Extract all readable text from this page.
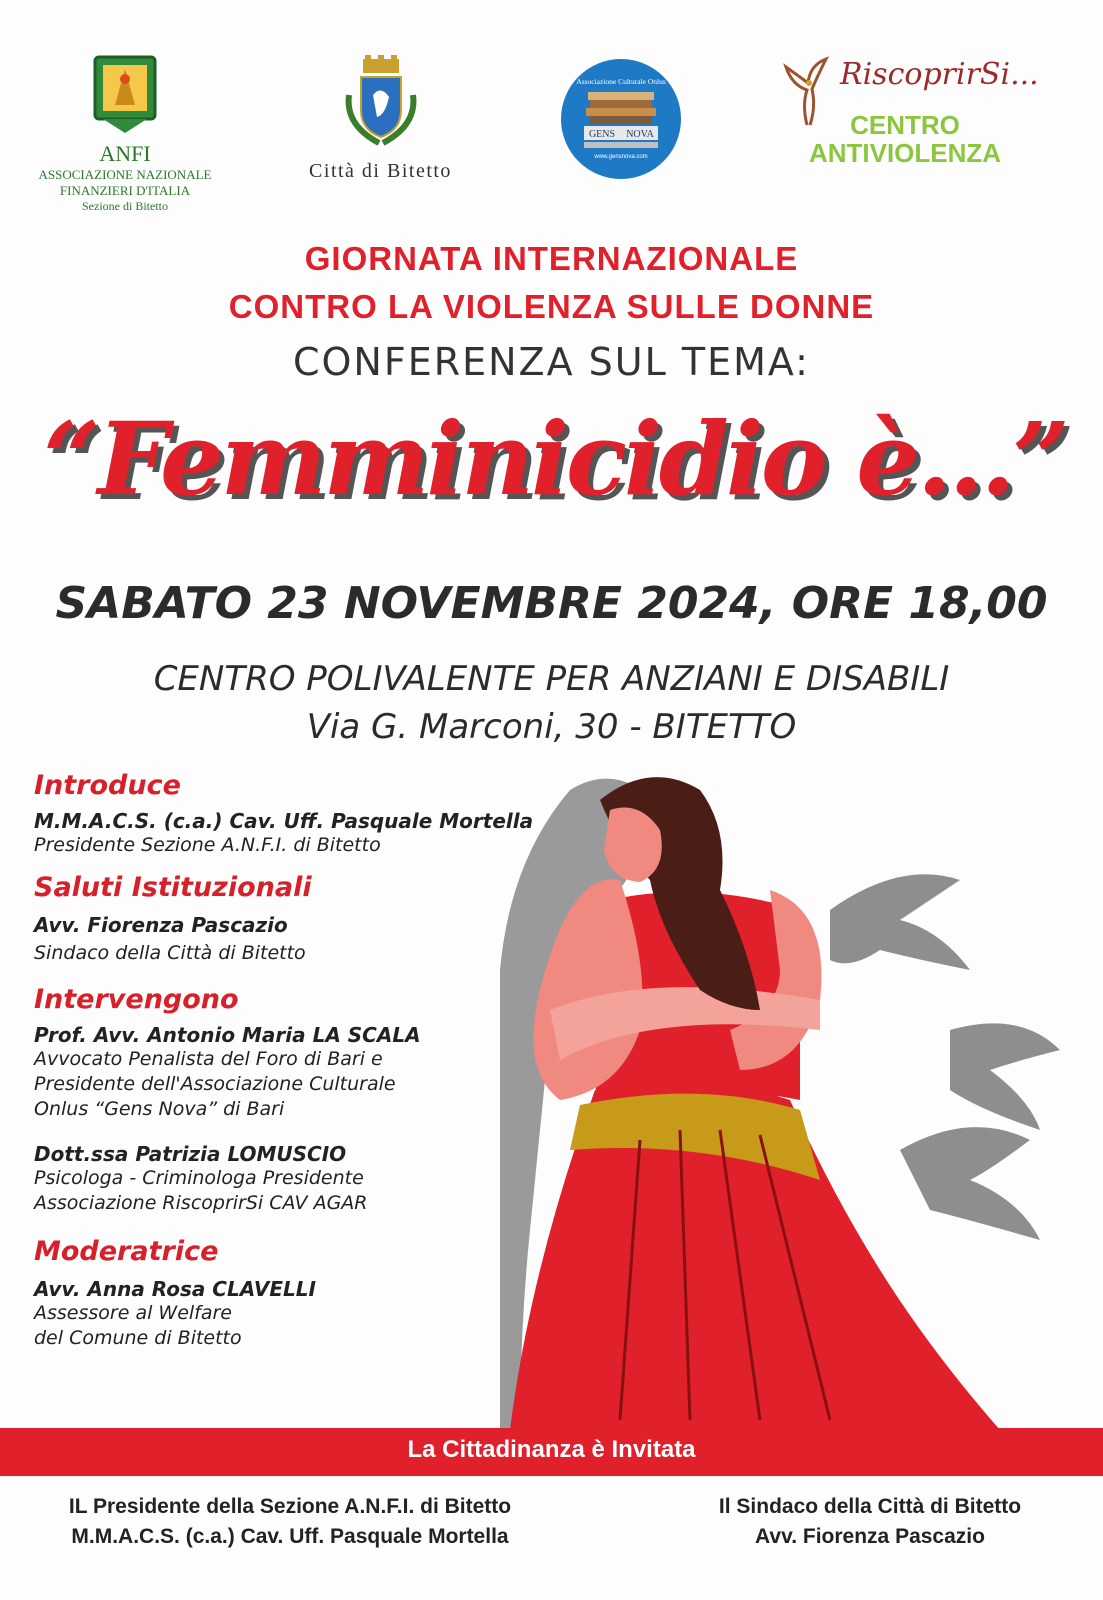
ANFI
ASSOCIAZIONE NAZIONALE
FINANZIERI D'ITALIA
Sezione di Bitetto
Città di Bitetto
Associazione Culturale Onlus
GENS NOVA
www.gensnova.com
RiscoprirSi...
CENTRO
ANTIVIOLENZA
GIORNATA INTERNAZIONALE
CONTRO LA VIOLENZA SULLE DONNE
CONFERENZA SUL TEMA:
“Femminicidio è...”
SABATO 23 NOVEMBRE 2024, ORE 18,00
CENTRO POLIVALENTE PER ANZIANI E DISABILI
Via G. Marconi, 30 - BITETTO
Introduce
M.M.A.C.S. (c.a.) Cav. Uff. Pasquale Mortella
Presidente Sezione A.N.F.I. di Bitetto
Saluti Istituzionali
Avv. Fiorenza Pascazio
Sindaco della Città di Bitetto
Intervengono
Prof. Avv. Antonio Maria LA SCALA
Avvocato Penalista del Foro di Bari e
Presidente dell'Associazione Culturale
Onlus “Gens Nova” di Bari
Dott.ssa Patrizia LOMUSCIO
Psicologa - Criminologa Presidente
Associazione RiscoprirSi CAV AGAR
Moderatrice
Avv. Anna Rosa CLAVELLI
Assessore al Welfare
del Comune di Bitetto
La Cittadinanza è Invitata
IL Presidente della Sezione A.N.F.I. di Bitetto
M.M.A.C.S. (c.a.) Cav. Uff. Pasquale Mortella
Il Sindaco della Città di Bitetto
Avv. Fiorenza Pascazio
